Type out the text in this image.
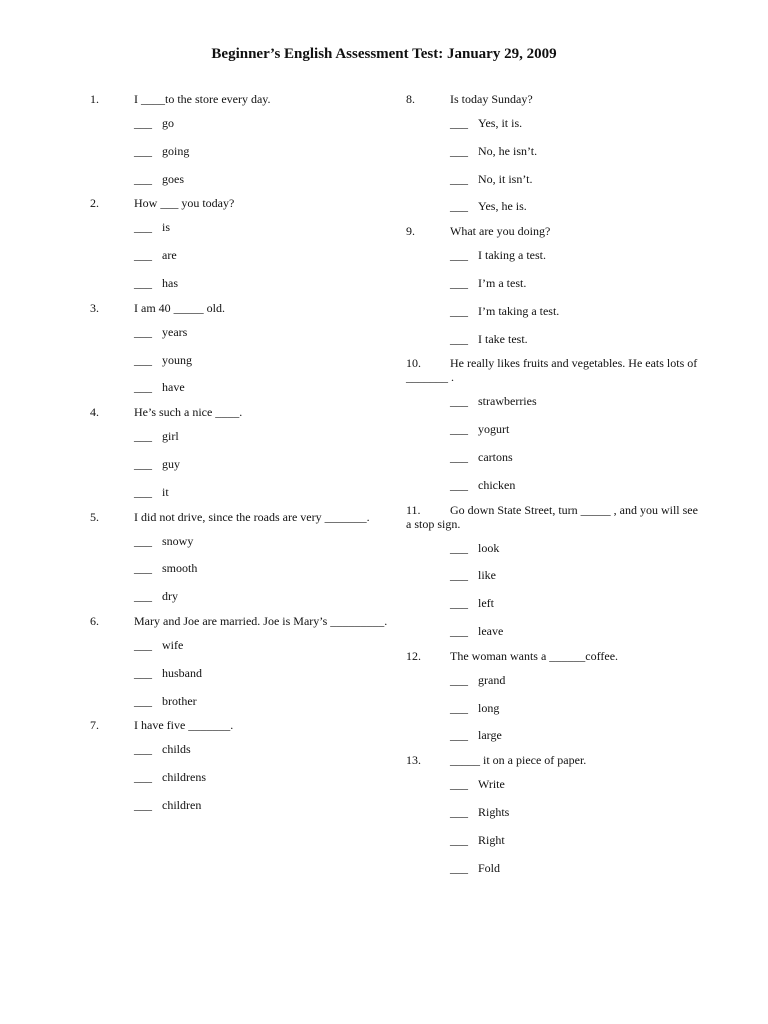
Beginner’s English Assessment Test: January 29, 2009
1.	I ____to the store every day.
___ go
___ going
___ goes
2.	How ___ you today?
___ is
___ are
___ has
3.	I am 40 _____ old.
___ years
___ young
___ have
4.	He’s such a nice ____.
___ girl
___ guy
___ it
5.	I did not drive, since the roads are very _______.
___ snowy
___ smooth
___ dry
6.	Mary and Joe are married. Joe is Mary’s _________.
___ wife
___ husband
___ brother
7.	I have five _______.
___ childs
___ childrens
___ children
8.	Is today Sunday?
___ Yes, it is.
___ No, he isn’t.
___ No, it isn’t.
___ Yes, he is.
9.	What are you doing?
___ I taking a test.
___ I’m a test.
___ I’m taking a test.
___ I take test.
10. He really likes fruits and vegetables. He eats lots of _______ .
___ strawberries
___ yogurt
___ cartons
___ chicken
11. Go down State Street, turn _____ , and you will see a stop sign.
___ look
___ like
___ left
___ leave
12. The woman wants a ______coffee.
___ grand
___ long
___ large
13. _____ it on a piece of paper.
___ Write
___ Rights
___ Right
___ Fold
